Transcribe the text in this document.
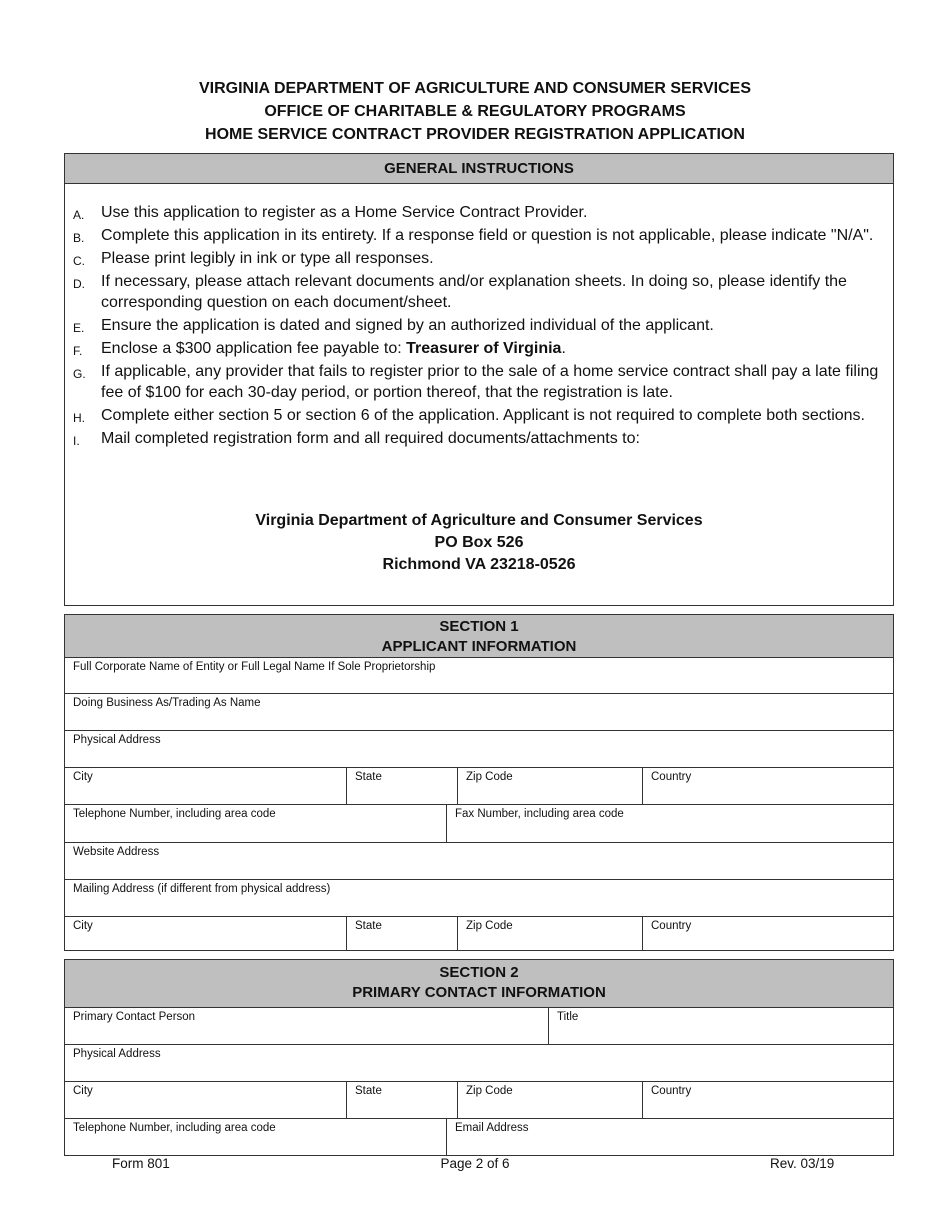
VIRGINIA DEPARTMENT OF AGRICULTURE AND CONSUMER SERVICES
OFFICE OF CHARITABLE & REGULATORY PROGRAMS
HOME SERVICE CONTRACT PROVIDER REGISTRATION APPLICATION
GENERAL INSTRUCTIONS
A. Use this application to register as a Home Service Contract Provider.
B. Complete this application in its entirety. If a response field or question is not applicable, please indicate "N/A".
C. Please print legibly in ink or type all responses.
D. If necessary, please attach relevant documents and/or explanation sheets. In doing so, please identify the corresponding question on each document/sheet.
E. Ensure the application is dated and signed by an authorized individual of the applicant.
F. Enclose a $300 application fee payable to: Treasurer of Virginia.
G. If applicable, any provider that fails to register prior to the sale of a home service contract shall pay a late filing fee of $100 for each 30-day period, or portion thereof, that the registration is late.
H. Complete either section 5 or section 6 of the application. Applicant is not required to complete both sections.
I. Mail completed registration form and all required documents/attachments to:
Virginia Department of Agriculture and Consumer Services
PO Box 526
Richmond VA 23218-0526
SECTION 1
APPLICANT INFORMATION
Full Corporate Name of Entity or Full Legal Name If Sole Proprietorship
Doing Business As/Trading As Name
Physical Address
City	State	Zip Code	Country
Telephone Number, including area code	Fax Number, including area code
Website Address
Mailing Address (if different from physical address)
City	State	Zip Code	Country
SECTION 2
PRIMARY CONTACT INFORMATION
Primary Contact Person	Title
Physical Address
City	State	Zip Code	Country
Telephone Number, including area code	Email Address
Form 801	Page 2 of 6	Rev. 03/19
